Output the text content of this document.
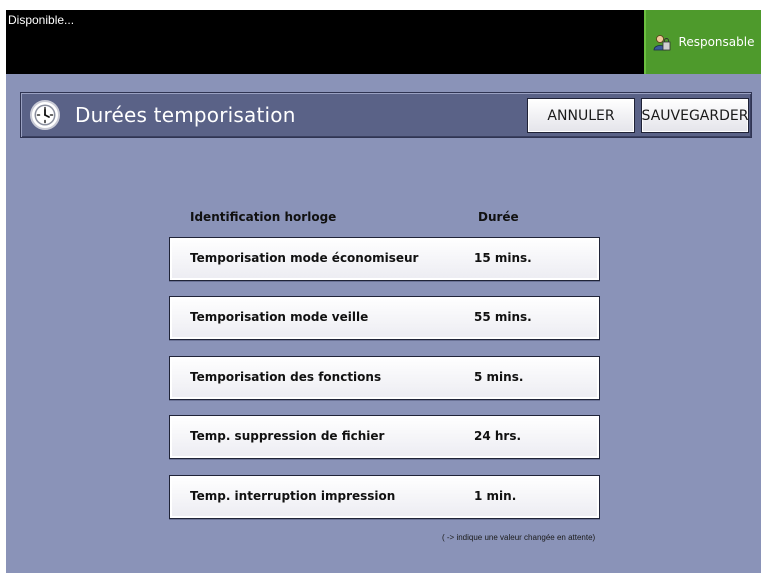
Disponible...
Responsable
Durées temporisation	ANNULER	SAUVEGARDER
Identification horloge	Durée
Temporisation mode économiseur	15 mins.
Temporisation mode veille	55 mins.
Temporisation des fonctions	5 mins.
Temp. suppression de fichier	24 hrs.
Temp. interruption impression	1 min.
( -> indique une valeur changée en attente)
